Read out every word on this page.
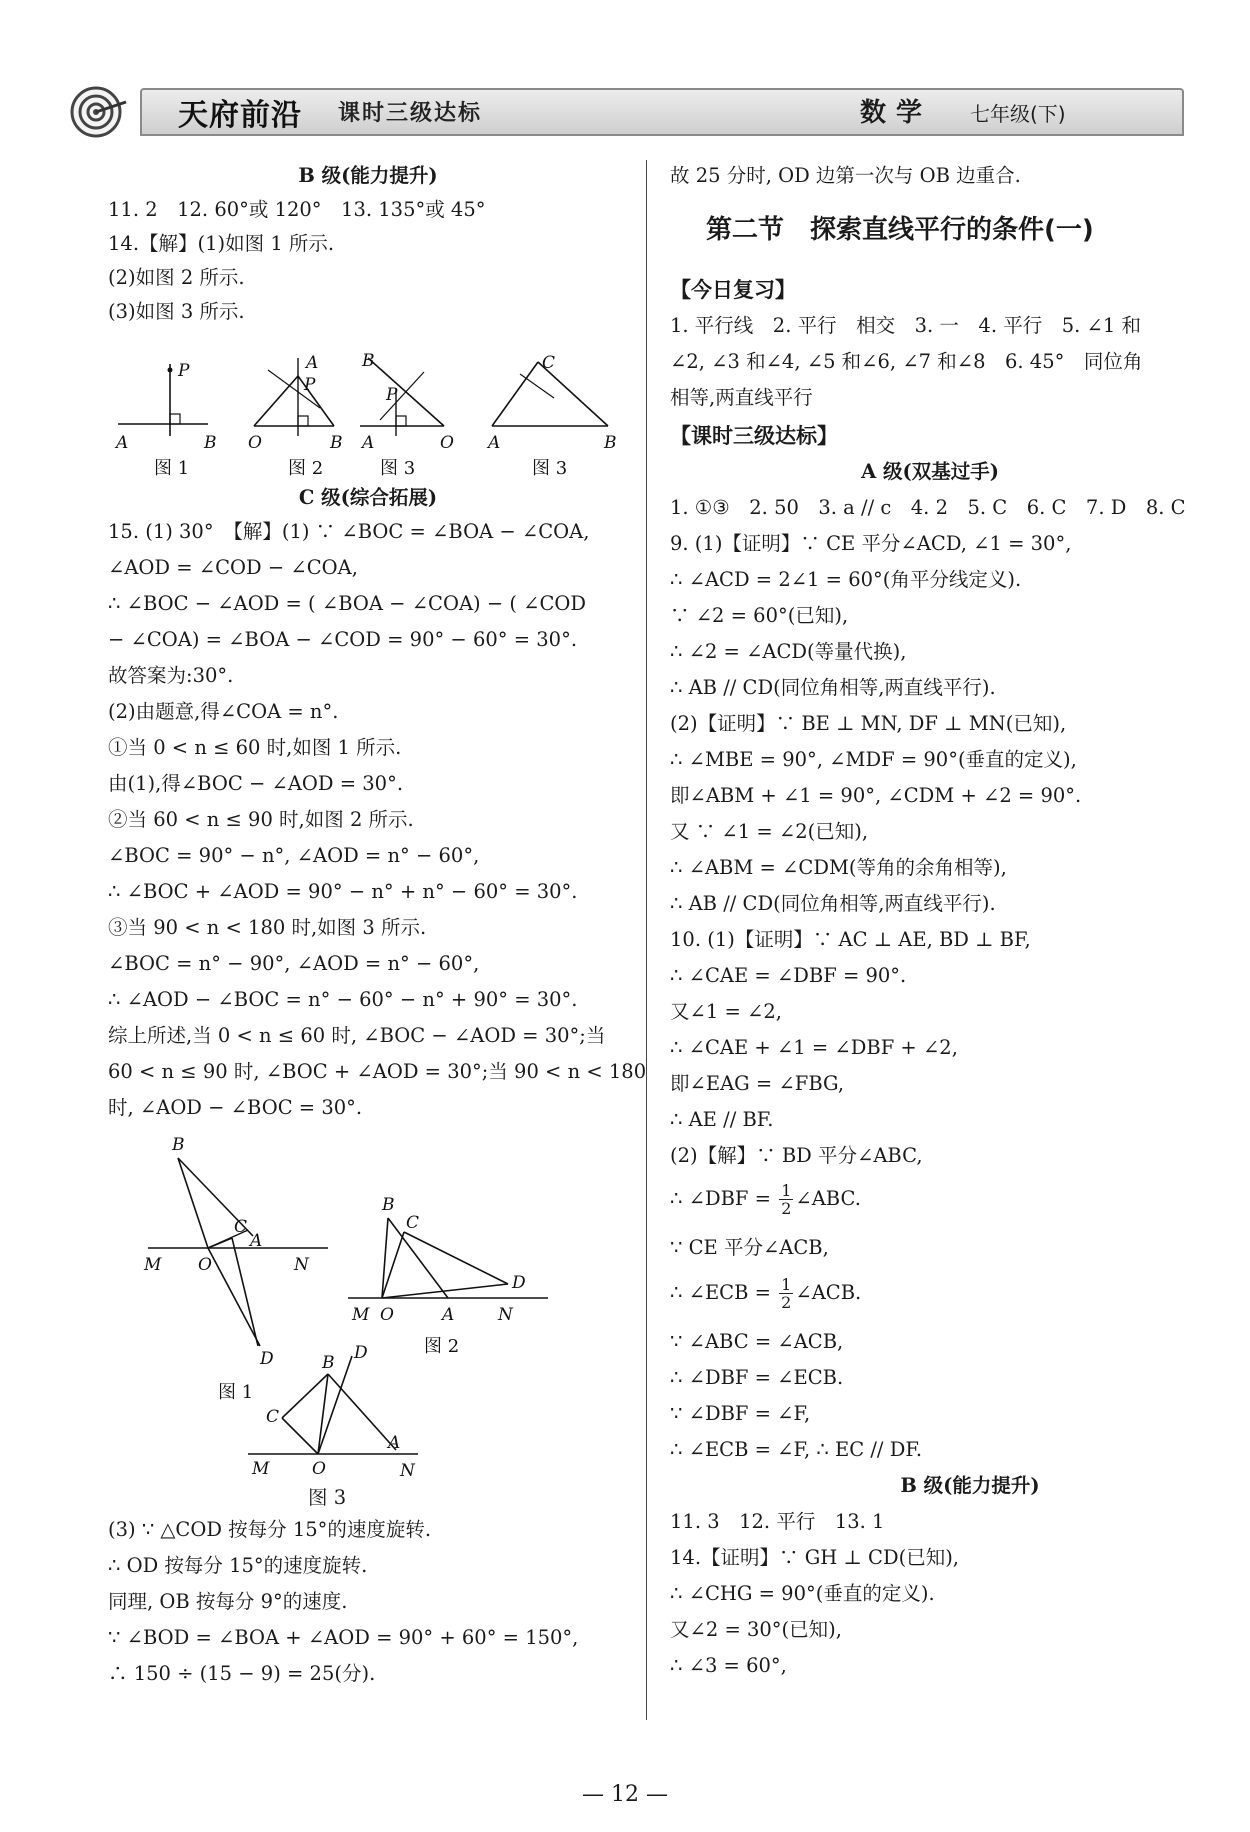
天府前沿 课时三级达标	数学 七年级(下)
B 级(能力提升)
11. 2　12. 60°或 120°　13. 135°或 45°
14.【解】(1)如图 1 所示.
(2)如图 2 所示.
(3)如图 3 所示.
P
A	B
图 1
A
P
O	B
图 2
B
P
A	O
图 3
C
A	B
图 3
C 级(综合拓展)
15. (1) 30°　【解】(1) ∵ ∠BOC = ∠BOA − ∠COA,
∠AOD = ∠COD − ∠COA,
∴ ∠BOC − ∠AOD = ( ∠BOA − ∠COA) − ( ∠COD
− ∠COA) = ∠BOA − ∠COD = 90° − 60° = 30°.
故答案为:30°.
(2)由题意,得∠COA = n°.
①当 0 < n ≤ 60 时,如图 1 所示.
由(1),得∠BOC − ∠AOD = 30°.
②当 60 < n ≤ 90 时,如图 2 所示.
∠BOC = 90° − n°, ∠AOD = n° − 60°,
∴ ∠BOC + ∠AOD = 90° − n° + n° − 60° = 30°.
③当 90 < n < 180 时,如图 3 所示.
∠BOC = n° − 90°, ∠AOD = n° − 60°,
∴ ∠AOD − ∠BOC = n° − 60° − n° + 90° = 30°.
综上所述,当 0 < n ≤ 60 时, ∠BOC − ∠AOD = 30°;当
60 < n ≤ 90 时, ∠BOC + ∠AOD = 30°;当 90 < n < 180
时, ∠AOD − ∠BOC = 30°.
B
C
A
M O	N
D
图 1
B
C
D
M O	A	N
图 2
B D
C
A
M	O	N
图 3
(3) ∵ △COD 按每分 15°的速度旋转.
∴ OD 按每分 15°的速度旋转.
同理, OB 按每分 9°的速度.
∵ ∠BOD = ∠BOA + ∠AOD = 90° + 60° = 150°,
∴ 150 ÷ (15 − 9) = 25(分).
故 25 分时, OD 边第一次与 OB 边重合.
第二节　探索直线平行的条件(一)
【今日复习】
1. 平行线　2. 平行　相交　3. 一　4. 平行　5. ∠1 和
∠2, ∠3 和∠4, ∠5 和∠6, ∠7 和∠8　6. 45°　同位角
相等,两直线平行
【课时三级达标】
A 级(双基过手)
1. ①③　2. 50　3. a // c　4. 2　5. C　6. C　7. D　8. C
9. (1)【证明】∵ CE 平分∠ACD, ∠1 = 30°,
∴ ∠ACD = 2∠1 = 60°(角平分线定义).
∵ ∠2 = 60°(已知),
∴ ∠2 = ∠ACD(等量代换),
∴ AB // CD(同位角相等,两直线平行).
(2)【证明】∵ BE ⊥ MN, DF ⊥ MN(已知),
∴ ∠MBE = 90°, ∠MDF = 90°(垂直的定义),
即∠ABM + ∠1 = 90°, ∠CDM + ∠2 = 90°.
又 ∵ ∠1 = ∠2(已知),
∴ ∠ABM = ∠CDM(等角的余角相等),
∴ AB // CD(同位角相等,两直线平行).
10. (1)【证明】∵ AC ⊥ AE, BD ⊥ BF,
∴ ∠CAE = ∠DBF = 90°.
又∠1 = ∠2,
∴ ∠CAE + ∠1 = ∠DBF + ∠2,
即∠EAG = ∠FBG,
∴ AE // BF.
(2)【解】∵ BD 平分∠ABC,
∴ ∠DBF = $\frac{1}{2}$ ∠ABC.
∵ CE 平分∠ACB,
∴ ∠ECB = $\frac{1}{2}$ ∠ACB.
∵ ∠ABC = ∠ACB,
∴ ∠DBF = ∠ECB.
∵ ∠DBF = ∠F,
∴ ∠ECB = ∠F, ∴ EC // DF.
B 级(能力提升)
11. 3　12. 平行　13. 1
14.【证明】∵ GH ⊥ CD(已知),
∴ ∠CHG = 90°(垂直的定义).
又∠2 = 30°(已知),
∴ ∠3 = 60°,
— 12 —
